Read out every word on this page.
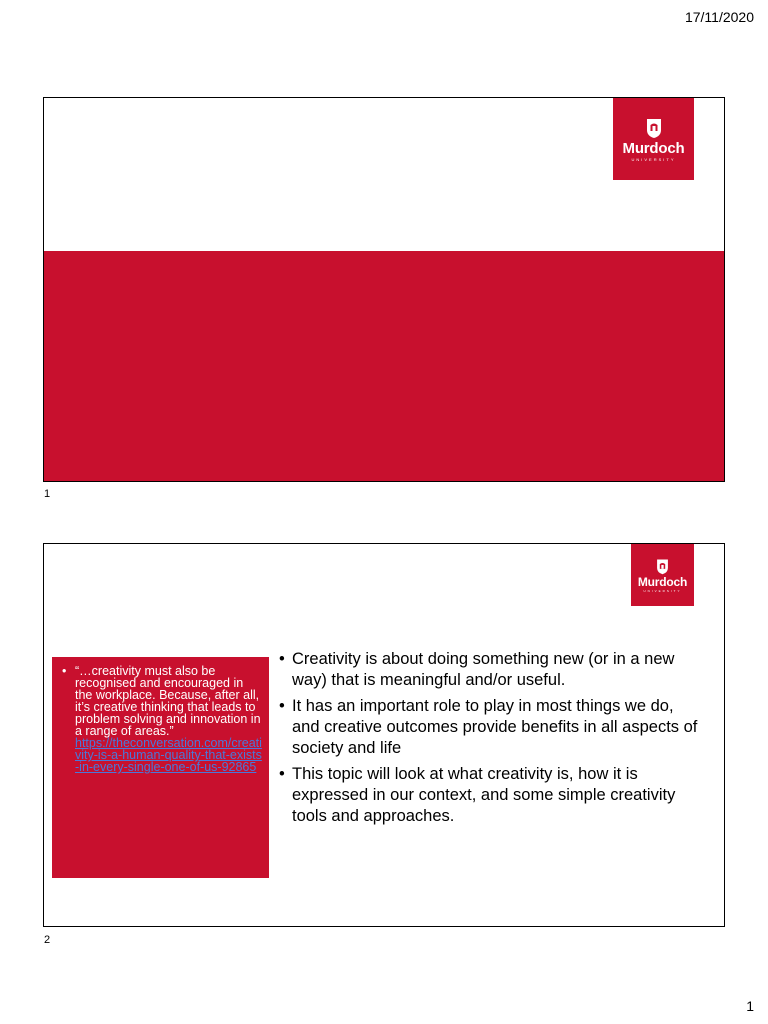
17/11/2020
Murdoch
UNIVERSITY
1
Murdoch
UNIVERSITY
• “…creativity must also be recognised and encouraged in the workplace. Because, after all, it’s creative thinking that leads to problem solving and innovation in a range of areas.”
https://theconversation.com/creativity-is-a-human-quality-that-exists-in-every-single-one-of-us-92865
• Creativity is about doing something new (or in a new way) that is meaningful and/or useful.
• It has an important role to play in most things we do, and creative outcomes provide benefits in all aspects of society and life
• This topic will look at what creativity is, how it is expressed in our context, and some simple creativity tools and approaches.
2
1
